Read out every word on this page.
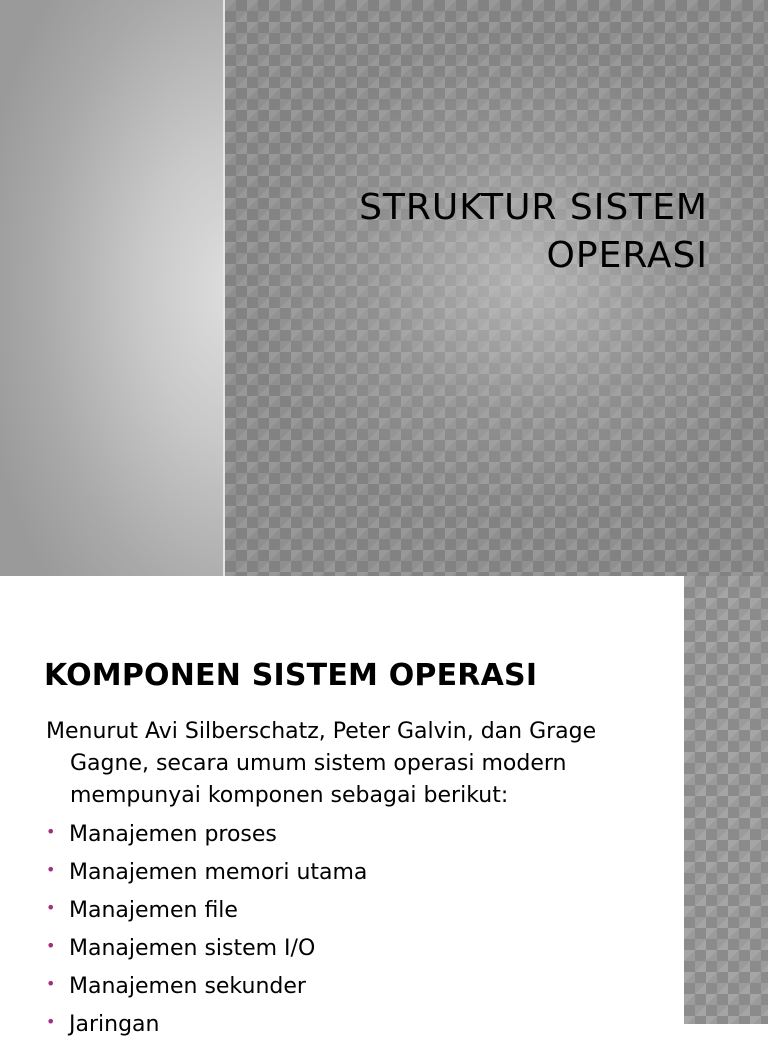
STRUKTUR SISTEM
OPERASI
KOMPONEN SISTEM OPERASI

Menurut Avi Silberschatz, Peter Galvin, dan Grage Gagne, secara umum sistem operasi modern mempunyai komponen sebagai berikut:

• Manajemen proses
• Manajemen memori utama
• Manajemen file
• Manajemen sistem I/O
• Manajemen sekunder
• Jaringan
